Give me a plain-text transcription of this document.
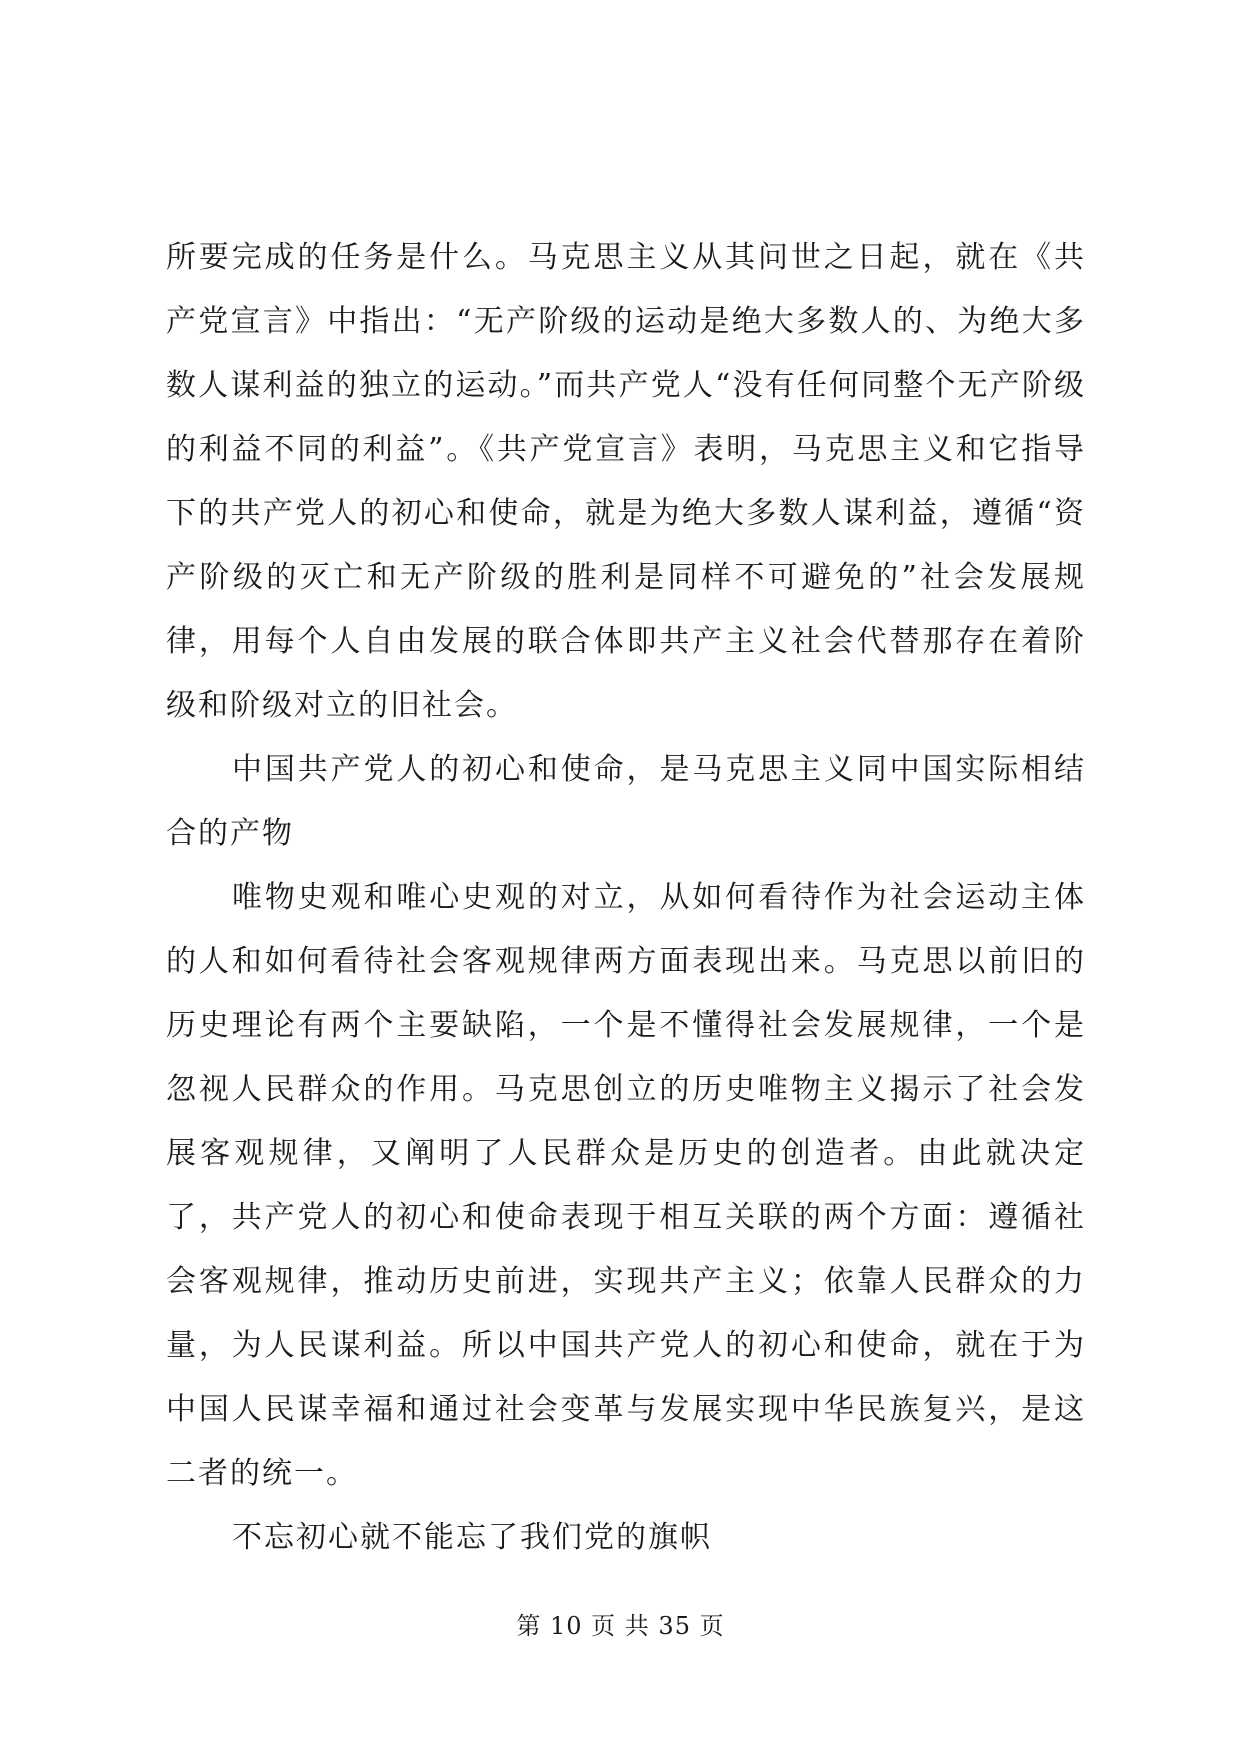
所要完成的任务是什么。马克思主义从其问世之日起，就在《共产党宣言》中指出：“无产阶级的运动是绝大多数人的、为绝大多数人谋利益的独立的运动。”而共产党人“没有任何同整个无产阶级的利益不同的利益”。《共产党宣言》表明，马克思主义和它指导下的共产党人的初心和使命，就是为绝大多数人谋利益，遵循“资产阶级的灭亡和无产阶级的胜利是同样不可避免的”社会发展规律，用每个人自由发展的联合体即共产主义社会代替那存在着阶级和阶级对立的旧社会。

中国共产党人的初心和使命，是马克思主义同中国实际相结合的产物

唯物史观和唯心史观的对立，从如何看待作为社会运动主体的人和如何看待社会客观规律两方面表现出来。马克思以前旧的历史理论有两个主要缺陷，一个是不懂得社会发展规律，一个是忽视人民群众的作用。马克思创立的历史唯物主义揭示了社会发展客观规律，又阐明了人民群众是历史的创造者。由此就决定了，共产党人的初心和使命表现于相互关联的两个方面：遵循社会客观规律，推动历史前进，实现共产主义；依靠人民群众的力量，为人民谋利益。所以中国共产党人的初心和使命，就在于为中国人民谋幸福和通过社会变革与发展实现中华民族复兴，是这二者的统一。

不忘初心就不能忘了我们党的旗帜

第 10 页 共 35 页
